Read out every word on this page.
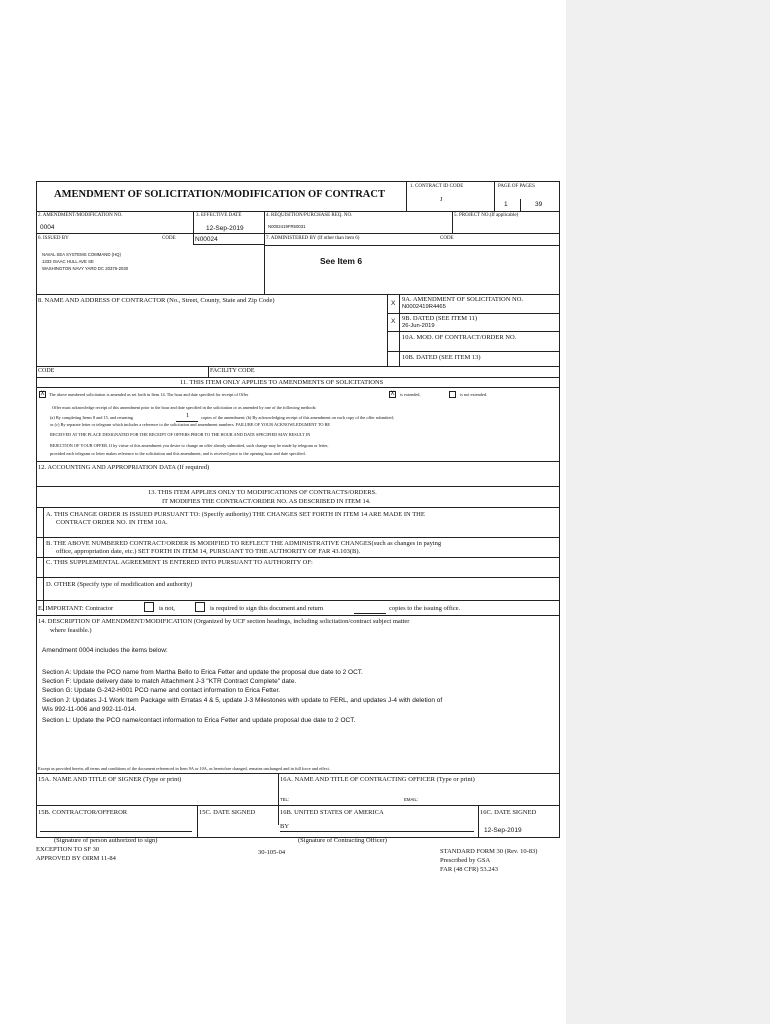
AMENDMENT OF SOLICITATION/MODIFICATION OF CONTRACT
1. CONTRACT ID CODE
J
PAGE OF PAGES
1	39
2. AMENDMENT/MODIFICATION NO.
0004
3. EFFECTIVE DATE
12-Sep-2019
4. REQUISITION/PURCHASE REQ. NO.
N0002419FR50031
5. PROJECT NO.(If applicable)
6. ISSUED BY	CODE	N00024
NAVAL SEA SYSTEMS COMMAND (HQ)
1333 ISAAC HULL AVE SE
WASHINGTON NAVY YARD DC 20376-2030
7. ADMINISTERED BY (If other than item 6)	CODE
See Item 6
8. NAME AND ADDRESS OF CONTRACTOR (No., Street, County, State and Zip Code)	X
9A. AMENDMENT OF SOLICITATION NO.
N0002419R4465
X 9B. DATED (SEE ITEM 11)
26-Jun-2019
10A. MOD. OF CONTRACT/ORDER NO.
10B. DATED (SEE ITEM 13)
CODE	FACILITY CODE
11. THIS ITEM ONLY APPLIES TO AMENDMENTS OF SOLICITATIONS
X	The above numbered solicitation is amended as set forth in Item 14. The hour and date specified for receipt of Offer	X	is extended,	is not extended.
Offer must acknowledge receipt of this amendment prior to the hour and date specified in the solicitation or as amended by one of the following methods:
(a) By completing Items 8 and 15, and returning	1	copies of the amendment; (b) By acknowledging receipt of this amendment on each copy of the offer submitted;
or (c) By separate letter or telegram which includes a reference to the solicitation and amendment numbers. FAILURE OF YOUR ACKNOWLEDGMENT TO BE
RECEIVED AT THE PLACE DESIGNATED FOR THE RECEIPT OF OFFERS PRIOR TO THE HOUR AND DATE SPECIFIED MAY RESULT IN
REJECTION OF YOUR OFFER. If by virtue of this amendment you desire to change an offer already submitted, such change may be made by telegram or letter,
provided each telegram or letter makes reference to the solicitation and this amendment, and is received prior to the opening hour and date specified.
12. ACCOUNTING AND APPROPRIATION DATA (If required)
13. THIS ITEM APPLIES ONLY TO MODIFICATIONS OF CONTRACTS/ORDERS.
IT MODIFIES THE CONTRACT/ORDER NO. AS DESCRIBED IN ITEM 14.
A. THIS CHANGE ORDER IS ISSUED PURSUANT TO: (Specify authority) THE CHANGES SET FORTH IN ITEM 14 ARE MADE IN THE
CONTRACT ORDER NO. IN ITEM 10A.
B. THE ABOVE NUMBERED CONTRACT/ORDER IS MODIFIED TO REFLECT THE ADMINISTRATIVE CHANGES(such as changes in paying
office, appropriation date, etc.) SET FORTH IN ITEM 14, PURSUANT TO THE AUTHORITY OF FAR 43.103(B).
C. THIS SUPPLEMENTAL AGREEMENT IS ENTERED INTO PURSUANT TO AUTHORITY OF:
D. OTHER (Specify type of modification and authority)
E. IMPORTANT: Contractor	is not,	is required to sign this document and return	copies to the issuing office.
14. DESCRIPTION OF AMENDMENT/MODIFICATION (Organized by UCF section headings, including solicitation/contract subject matter
where feasible.)
Amendment 0004 includes the items below:
Section A: Update the PCO name from Martha Bello to Erica Fetter and update the proposal due date to 2 OCT.
Section F: Update delivery date to match Attachment J-3 "KTR Contract Complete" date.
Section G: Update G-242-H001 PCO name and contact information to Erica Fetter.
Section J: Updates J-1 Work Item Package with Erratas 4 & 5, update J-3 Milestones with update to FERL, and updates J-4 with deletion of
Wis 992-11-006 and 992-11-014.
Section L: Update the PCO name/contact information to Erica Fetter and update proposal due date to 2 OCT.
Except as provided herein, all terms and conditions of the document referenced in Item 9A or 10A, as heretofore changed, remains unchanged and in full force and effect.
15A. NAME AND TITLE OF SIGNER (Type or print)	16A. NAME AND TITLE OF CONTRACTING OFFICER (Type or print)
TEL:	EMAIL:
15B. CONTRACTOR/OFFEROR	15C. DATE SIGNED	16B. UNITED STATES OF AMERICA	16C. DATE SIGNED
BY
12-Sep-2019
(Signature of person authorized to sign)	(Signature of Contracting Officer)
EXCEPTION TO SF 30
APPROVED BY OIRM 11-84
30-105-04	STANDARD FORM 30 (Rev. 10-83)
Prescribed by GSA
FAR (48 CFR) 53.243
